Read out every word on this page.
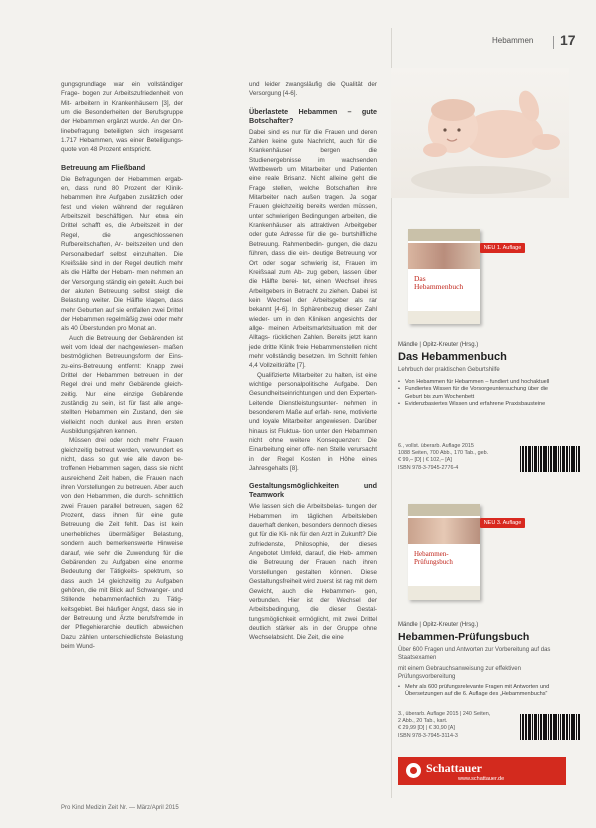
Hebammen 17

gungsgrundlage war ein vollständiger Frage- bogen zur Arbeitszufriedenheit von Mit- arbeitern in Krankenhäusern [3], der um die Besonderheiten der Berufsgruppe der Hebammen ergänzt wurde. An der On- linebefragung beteiligten sich insgesamt 1.717 Hebammen, was einer Beteiligungs- quote von 48 Prozent entspricht.

Betreuung am Fließband

Die Befragungen der Hebammen ergab- en, dass rund 80 Prozent der Klinik- hebammen ihre Aufgaben zusätzlich oder fest und vielen während der regulären Arbeitszeit beschäftigen. Nur etwa ein Drittel schafft es, die Arbeitszeit in der Regel, die angeschlossenen Rufbereitschaften, Ar- beitszeiten und den Personalbedarf selbst einzuhalten. Die Kreißsäle sind in der Regel deutlich mehr als die Hälfte der Hebam- men nehmen an der Versorgung ständig ein geteilt. Auch bei der akuten Betreuung selbst steigt die Belastung weiter. Die Hälfte klagen, dass mehr Geburten auf sie entfallen zwei Drittel der Hebammen regelmäßig zwei oder mehr als 40 Überstunden pro Monat an.

Auch die Betreuung der Gebärenden ist weit vom Ideal der nachgewiesen- maßen bestmöglichen Betreuungsform der Eins-zu-eins-Betreuung entfernt: Knapp zwei Drittel der Hebammen betreuen in der Regel drei und mehr Gebärende gleich- zeitig. Nur eine einzige Gebärende zuständig zu sein, ist für fast alle ange- stellten Hebammen ein Zustand, den sie vielleicht noch dunkel aus ihren ersten Ausbildungsjahren kennen.

Müssen drei oder noch mehr Frauen gleichzeitig betreut werden, verwundert es nicht, dass so gut wie alle davon be- troffenen Hebammen sagen, dass sie nicht ausreichend Zeit haben, die Frauen nach ihren Vorstellungen zu betreuen. Aber auch von den Hebammen, die durch- schnittlich zwei Frauen parallel betreuen, sagen 62 Prozent, dass ihnen für eine gute Betreuung die Zeit fehlt. Das ist kein unerhebliches übermäßiger Belastung, sondern auch bemerkenswerte Hinweise darauf, wie sehr die Zuwendung für die Gebärenden zu Aufgaben eine enorme Bedeutung der Tätigkeits- spektrum, so dass auch 14 gleichzeitig zu Aufgaben gehören, die mit Blick auf Schwanger- und Stillende hebammenfachlich zu Tätig- keitsgebiet. Bei häufiger Angst, dass sie in der Betreuung und Ärzte berufsfremde in der Pflegehierarchie deutlich abweichen Dazu zählen unterschiedlichste Belastung beim Wund-

und leider zwangsläufig die Qualität der Versorgung [4-6].

Überlastete Hebammen – gute Botschafter?

Dabei sind es nur für die Frauen und deren Zahlen keine gute Nachricht, auch für die Krankenhäuser bergen die Studienergebnisse im wachsenden Wettbewerb um Mitarbeiter und Patienten eine reale Brisanz. Nicht alleine geht die Frage stellen, welche Botschaften ihre Mitarbeiter nach außen tragen. Ja sogar Frauen gleichzeitig bereits werden müssen, unter schwierigen Bedingungen arbeiten, die Krankenhäuser als attraktiven Arbeitgeber oder gute Adresse für die ge- burtshilfliche Betreuung. Rahmenbedin- gungen, die dazu führen, dass die ein- deutige Betreuung vor Ort oder sogar schwierig ist, Frauen im Kreißsaal zum Ab- zug geben, lassen über die Hälfte berei- tet, einen Wechsel ihres Arbeitgebers in Betracht zu ziehen. Dabei ist kein Wechsel der Arbeitsgeber als rar bekannt [4-6]. In Sphärenbezug dieser Zahl wieder- um in den Kliniken angesichts der allge- meinen Arbeitsmarktsituation mit der Alltags- rücklichen Zahlen. Bereits jetzt kann jede dritte Klinik freie Hebammenstellen nicht mehr vollständig besetzen. Im Schnitt fehlen 4,4 Vollzeitkräfte [7].

Qualifizierte Mitarbeiter zu halten, ist eine wichtige personalpolitische Aufgabe. Den Gesundheitseinrichtungen und den Experten-Leitende Dienstleistungsunter- nehmen in besonderem Maße auf erfah- rene, motivierte und loyale Mitarbeiter angewiesen. Darüber hinaus ist Fluktua- tion unter den Hebammen nicht ohne weitere Konsequenzen: Die Einarbeitung einer offe- nen Stelle verursacht in der Regel Kosten in Höhe eines Jahresgehalts [8].

Gestaltungsmöglichkeiten und Teamwork

Wie lassen sich die Arbeitsbelas- tungen der Hebammen im täglichen Arbeitsleben dauerhaft denken, besonders dennoch dieses gut für die Kli- nik für den Arzt in Zukunft? Die zufriedenste, Philosophie, der dieses Angebotet Umfeld, darauf, die Heb- ammen die Betreuung der Frauen nach ihren Vorstellungen gestalten können. Diese Gestaltungsfreiheit wird zuerst ist rag mit dem Gewicht, auch die Hebammen- gen, verbunden. Hier ist der Wechsel der Arbeitsbedingung, die dieser Gestal- tungsmöglichkeit ermöglicht, mit zwei Drittel deutlich stärker als in der Gruppe ohne Wechselabsicht. Die Zeit, die eine

Pro Kind Medizin Zeit Nr. — März/April 2015
Das Hebammenbuch
NEU 1. Auflage
Mändle | Opitz-Kreuter (Hrsg.)
Das Hebammenbuch
Lehrbuch der praktischen Geburtshilfe
• Von Hebammen für Hebammen – fundiert und hochaktuell
• Fundiertes Wissen für die Vorsorgeuntersuchung über die Geburt bis zum Wochenbett
• Evidenzbasiertes Wissen und erfahrene Praxisbausteine
6., vollst. überarb. Auflage 2015
1088 Seiten, 700 Abb., 170 Tab., geb.
€ 99,– [D] | € 102,– [A]
ISBN 978-3-7945-2776-4
Hebammen-Prüfungsbuch
NEU 3. Auflage
Mändle | Opitz-Kreuter (Hrsg.)
Hebammen-Prüfungsbuch
Über 600 Fragen und Antworten zur Vorbereitung auf das Staatsexamen
mit einem Gebrauchsanweisung zur effektiven Prüfungsvorbereitung
• Mehr als 600 prüfungsrelevante Fragen mit Antworten und Übersetzungen auf die 6. Auflage des „Hebammenbuchs“
3., überarb. Auflage 2015 | 240 Seiten,
2 Abb., 20 Tab., kart.
€ 29,99 [D] | € 30,90 [A]
ISBN 978-3-7945-3114-3
Schattauer
www.schattauer.de
